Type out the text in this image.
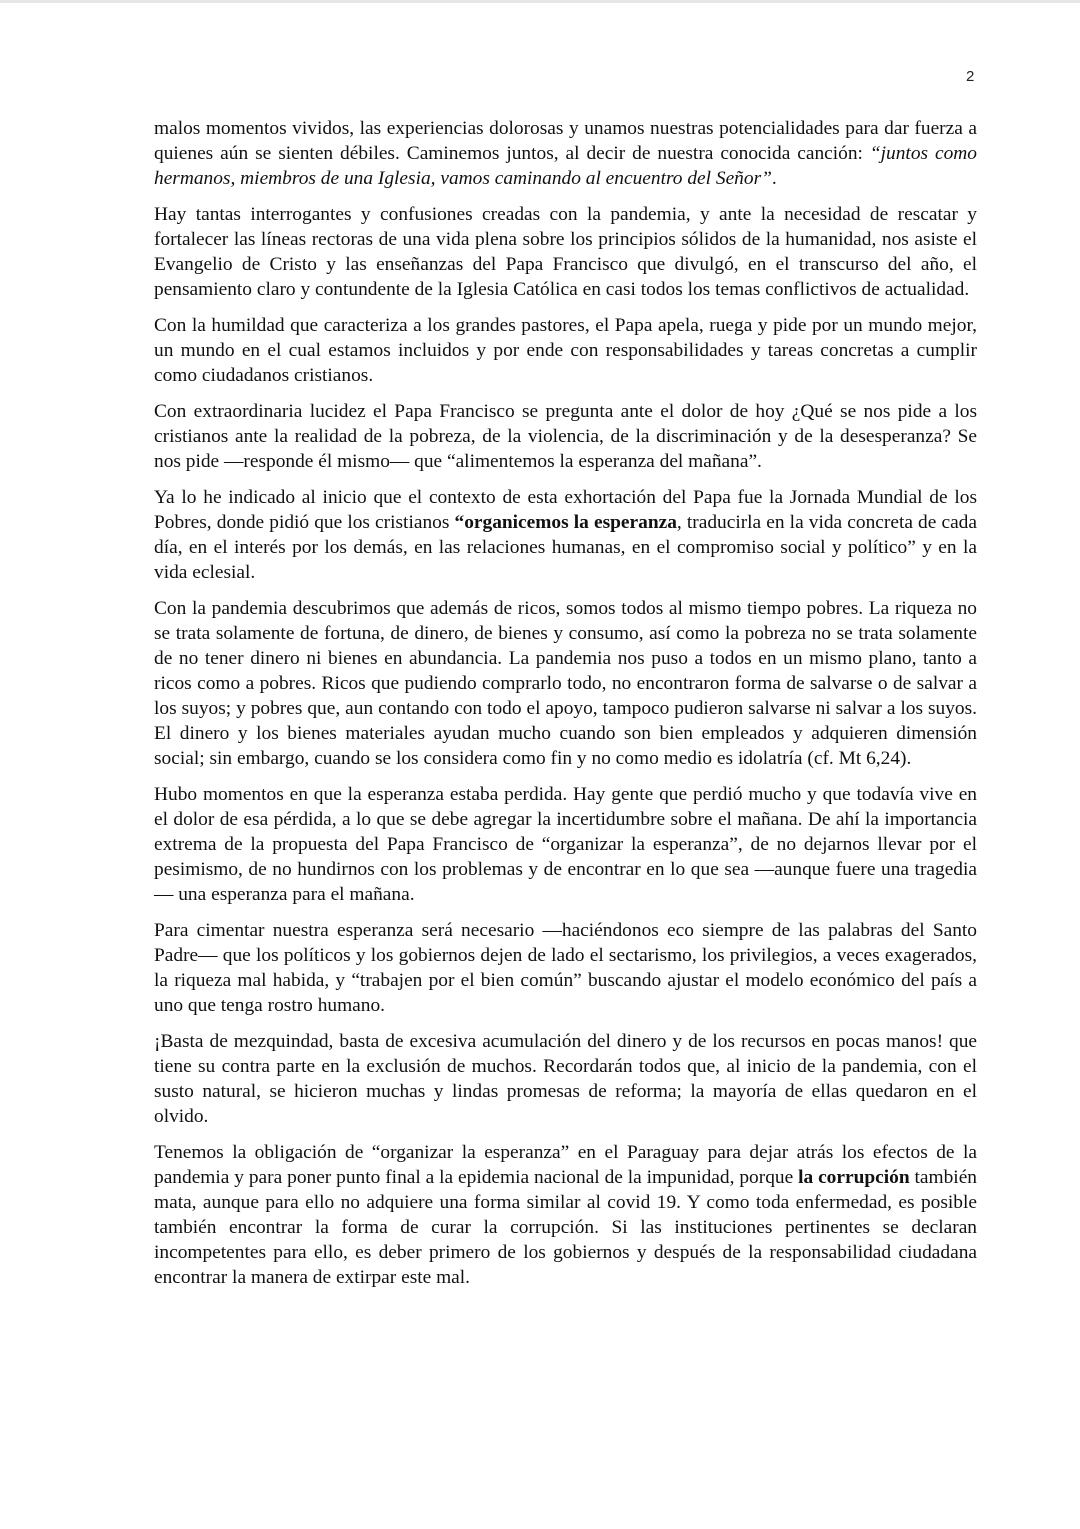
2

malos momentos vividos, las experiencias dolorosas y unamos nuestras potencialidades para dar fuerza a quienes aún se sienten débiles. Caminemos juntos, al decir de nuestra conocida canción: “juntos como hermanos, miembros de una Iglesia, vamos caminando al encuentro del Señor”.

Hay tantas interrogantes y confusiones creadas con la pandemia, y ante la necesidad de rescatar y fortalecer las líneas rectoras de una vida plena sobre los principios sólidos de la humanidad, nos asiste el Evangelio de Cristo y las enseñanzas del Papa Francisco que divulgó, en el transcurso del año, el pensamiento claro y contundente de la Iglesia Católica en casi todos los temas conflictivos de actualidad.

Con la humildad que caracteriza a los grandes pastores, el Papa apela, ruega y pide por un mundo mejor, un mundo en el cual estamos incluidos y por ende con responsabilidades y tareas concretas a cumplir como ciudadanos cristianos.

Con extraordinaria lucidez el Papa Francisco se pregunta ante el dolor de hoy ¿Qué se nos pide a los cristianos ante la realidad de la pobreza, de la violencia, de la discriminación y de la desesperanza? Se nos pide —responde él mismo— que “alimentemos la esperanza del mañana”.

Ya lo he indicado al inicio que el contexto de esta exhortación del Papa fue la Jornada Mundial de los Pobres, donde pidió que los cristianos “organicemos la esperanza, traducirla en la vida concreta de cada día, en el interés por los demás, en las relaciones humanas, en el compromiso social y político” y en la vida eclesial.

Con la pandemia descubrimos que además de ricos, somos todos al mismo tiempo pobres. La riqueza no se trata solamente de fortuna, de dinero, de bienes y consumo, así como la pobreza no se trata solamente de no tener dinero ni bienes en abundancia. La pandemia nos puso a todos en un mismo plano, tanto a ricos como a pobres. Ricos que pudiendo comprarlo todo, no encontraron forma de salvarse o de salvar a los suyos; y pobres que, aun contando con todo el apoyo, tampoco pudieron salvarse ni salvar a los suyos. El dinero y los bienes materiales ayudan mucho cuando son bien empleados y adquieren dimensión social; sin embargo, cuando se los considera como fin y no como medio es idolatría (cf. Mt 6,24).

Hubo momentos en que la esperanza estaba perdida. Hay gente que perdió mucho y que todavía vive en el dolor de esa pérdida, a lo que se debe agregar la incertidumbre sobre el mañana. De ahí la importancia extrema de la propuesta del Papa Francisco de “organizar la esperanza”, de no dejarnos llevar por el pesimismo, de no hundirnos con los problemas y de encontrar en lo que sea —aunque fuere una tragedia— una esperanza para el mañana.

Para cimentar nuestra esperanza será necesario —haciéndonos eco siempre de las palabras del Santo Padre— que los políticos y los gobiernos dejen de lado el sectarismo, los privilegios, a veces exagerados, la riqueza mal habida, y “trabajen por el bien común” buscando ajustar el modelo económico del país a uno que tenga rostro humano.

¡Basta de mezquindad, basta de excesiva acumulación del dinero y de los recursos en pocas manos! que tiene su contra parte en la exclusión de muchos. Recordarán todos que, al inicio de la pandemia, con el susto natural, se hicieron muchas y lindas promesas de reforma; la mayoría de ellas quedaron en el olvido.

Tenemos la obligación de “organizar la esperanza” en el Paraguay para dejar atrás los efectos de la pandemia y para poner punto final a la epidemia nacional de la impunidad, porque la corrupción también mata, aunque para ello no adquiere una forma similar al covid 19. Y como toda enfermedad, es posible también encontrar la forma de curar la corrupción. Si las instituciones pertinentes se declaran incompetentes para ello, es deber primero de los gobiernos y después de la responsabilidad ciudadana encontrar la manera de extirpar este mal.
